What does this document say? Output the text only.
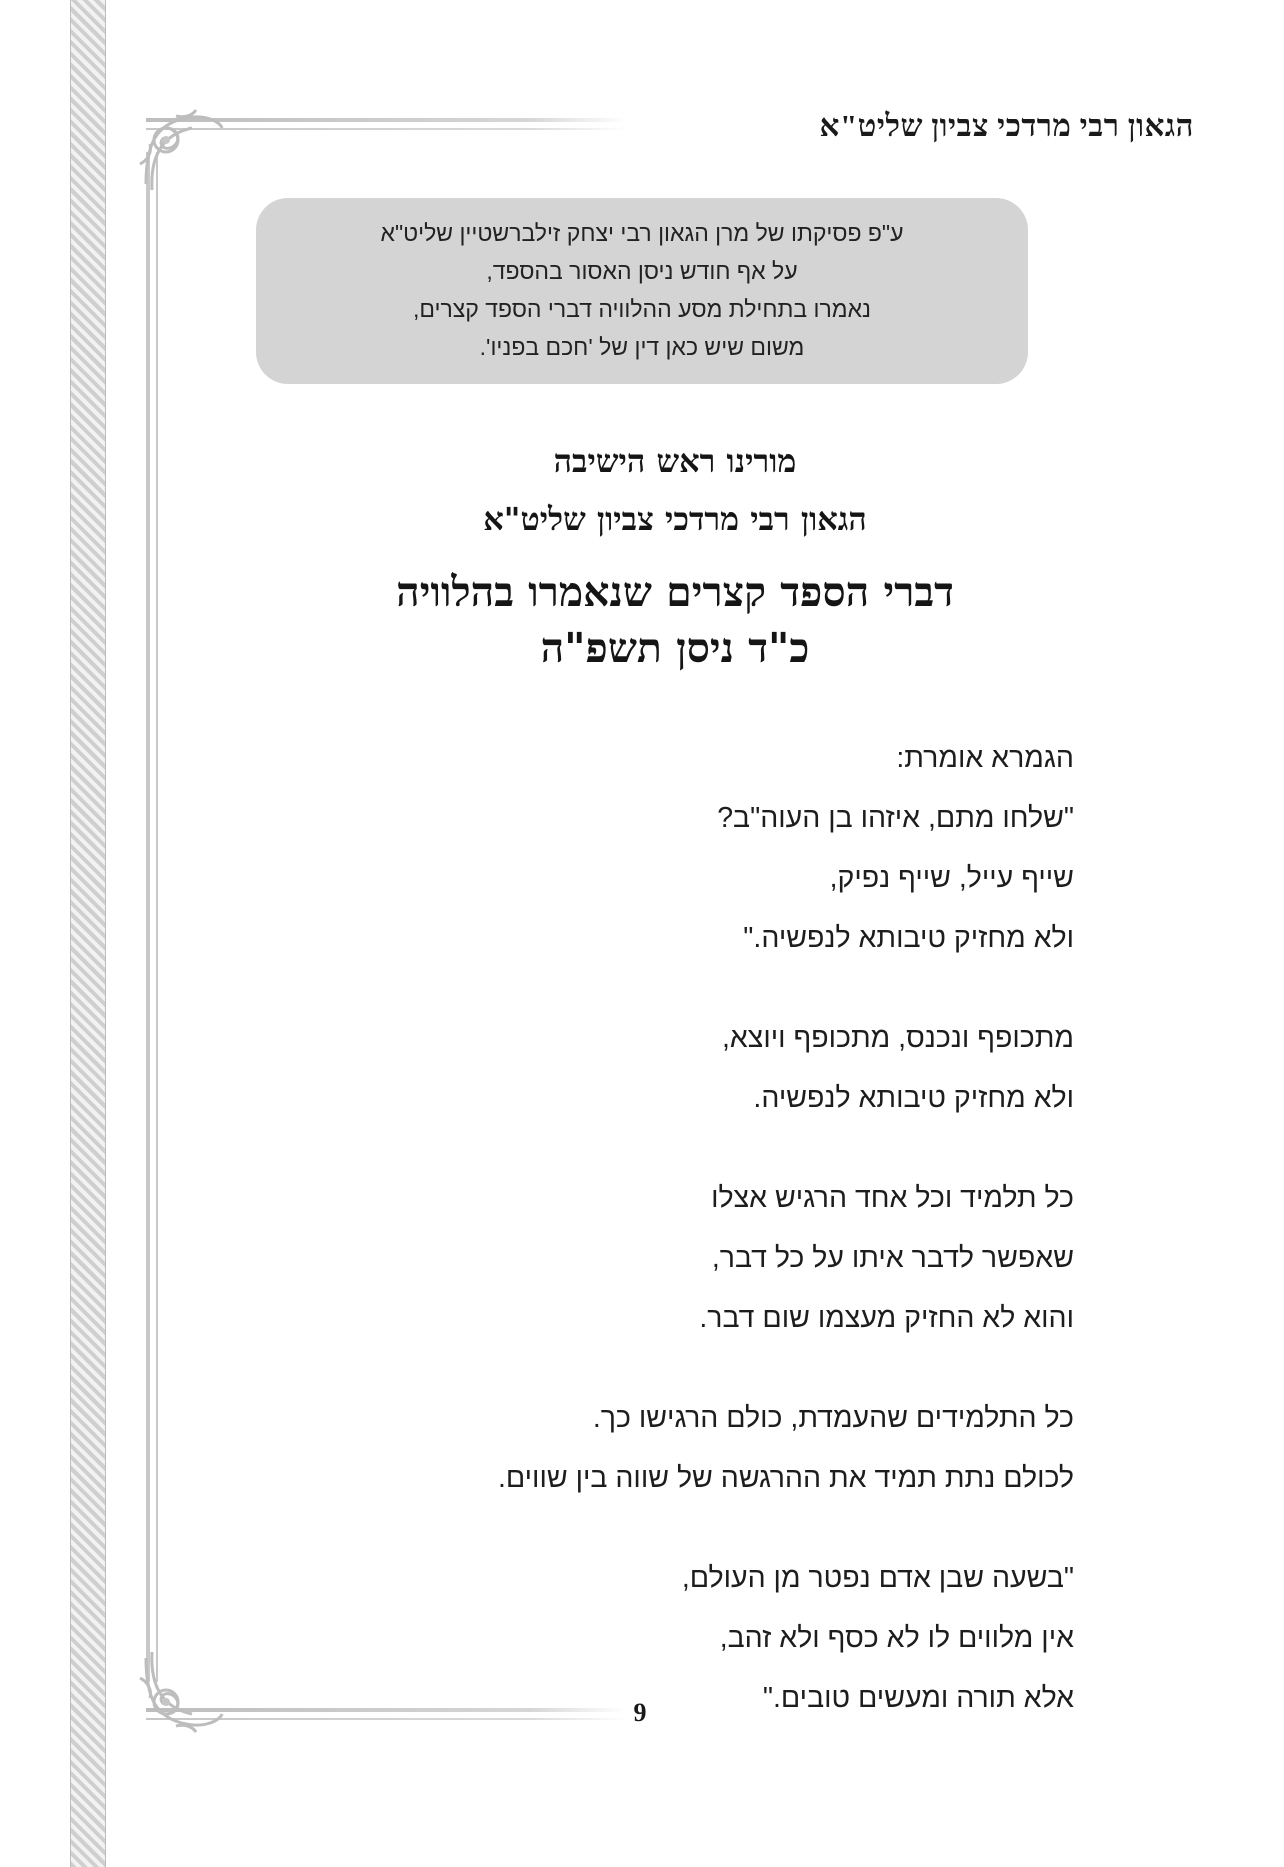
הגאון רבי מרדכי צביון שליט"א
ע"פ פסיקתו של מרן הגאון רבי יצחק זילברשטיין שליט"א
על אף חודש ניסן האסור בהספד,
נאמרו בתחילת מסע ההלוויה דברי הספד קצרים,
משום שיש כאן דין של 'חכם בפניו'.
מורינו ראש הישיבה
הגאון רבי מרדכי צביון שליט"א
דברי הספד קצרים שנאמרו בהלוויה
כ"ד ניסן תשפ"ה
הגמרא אומרת:
"שלחו מתם, איזהו בן העוה"ב?
שייף עייל, שייף נפיק,
ולא מחזיק טיבותא לנפשיה."
מתכופף ונכנס, מתכופף ויוצא,
ולא מחזיק טיבותא לנפשיה.
כל תלמיד וכל אחד הרגיש אצלו
שאפשר לדבר איתו על כל דבר,
והוא לא החזיק מעצמו שום דבר.
כל התלמידים שהעמדת, כולם הרגישו כך.
לכולם נתת תמיד את ההרגשה של שווה בין שווים.
"בשעה שבן אדם נפטר מן העולם,
אין מלווים לו לא כסף ולא זהב,
אלא תורה ומעשים טובים."
9
